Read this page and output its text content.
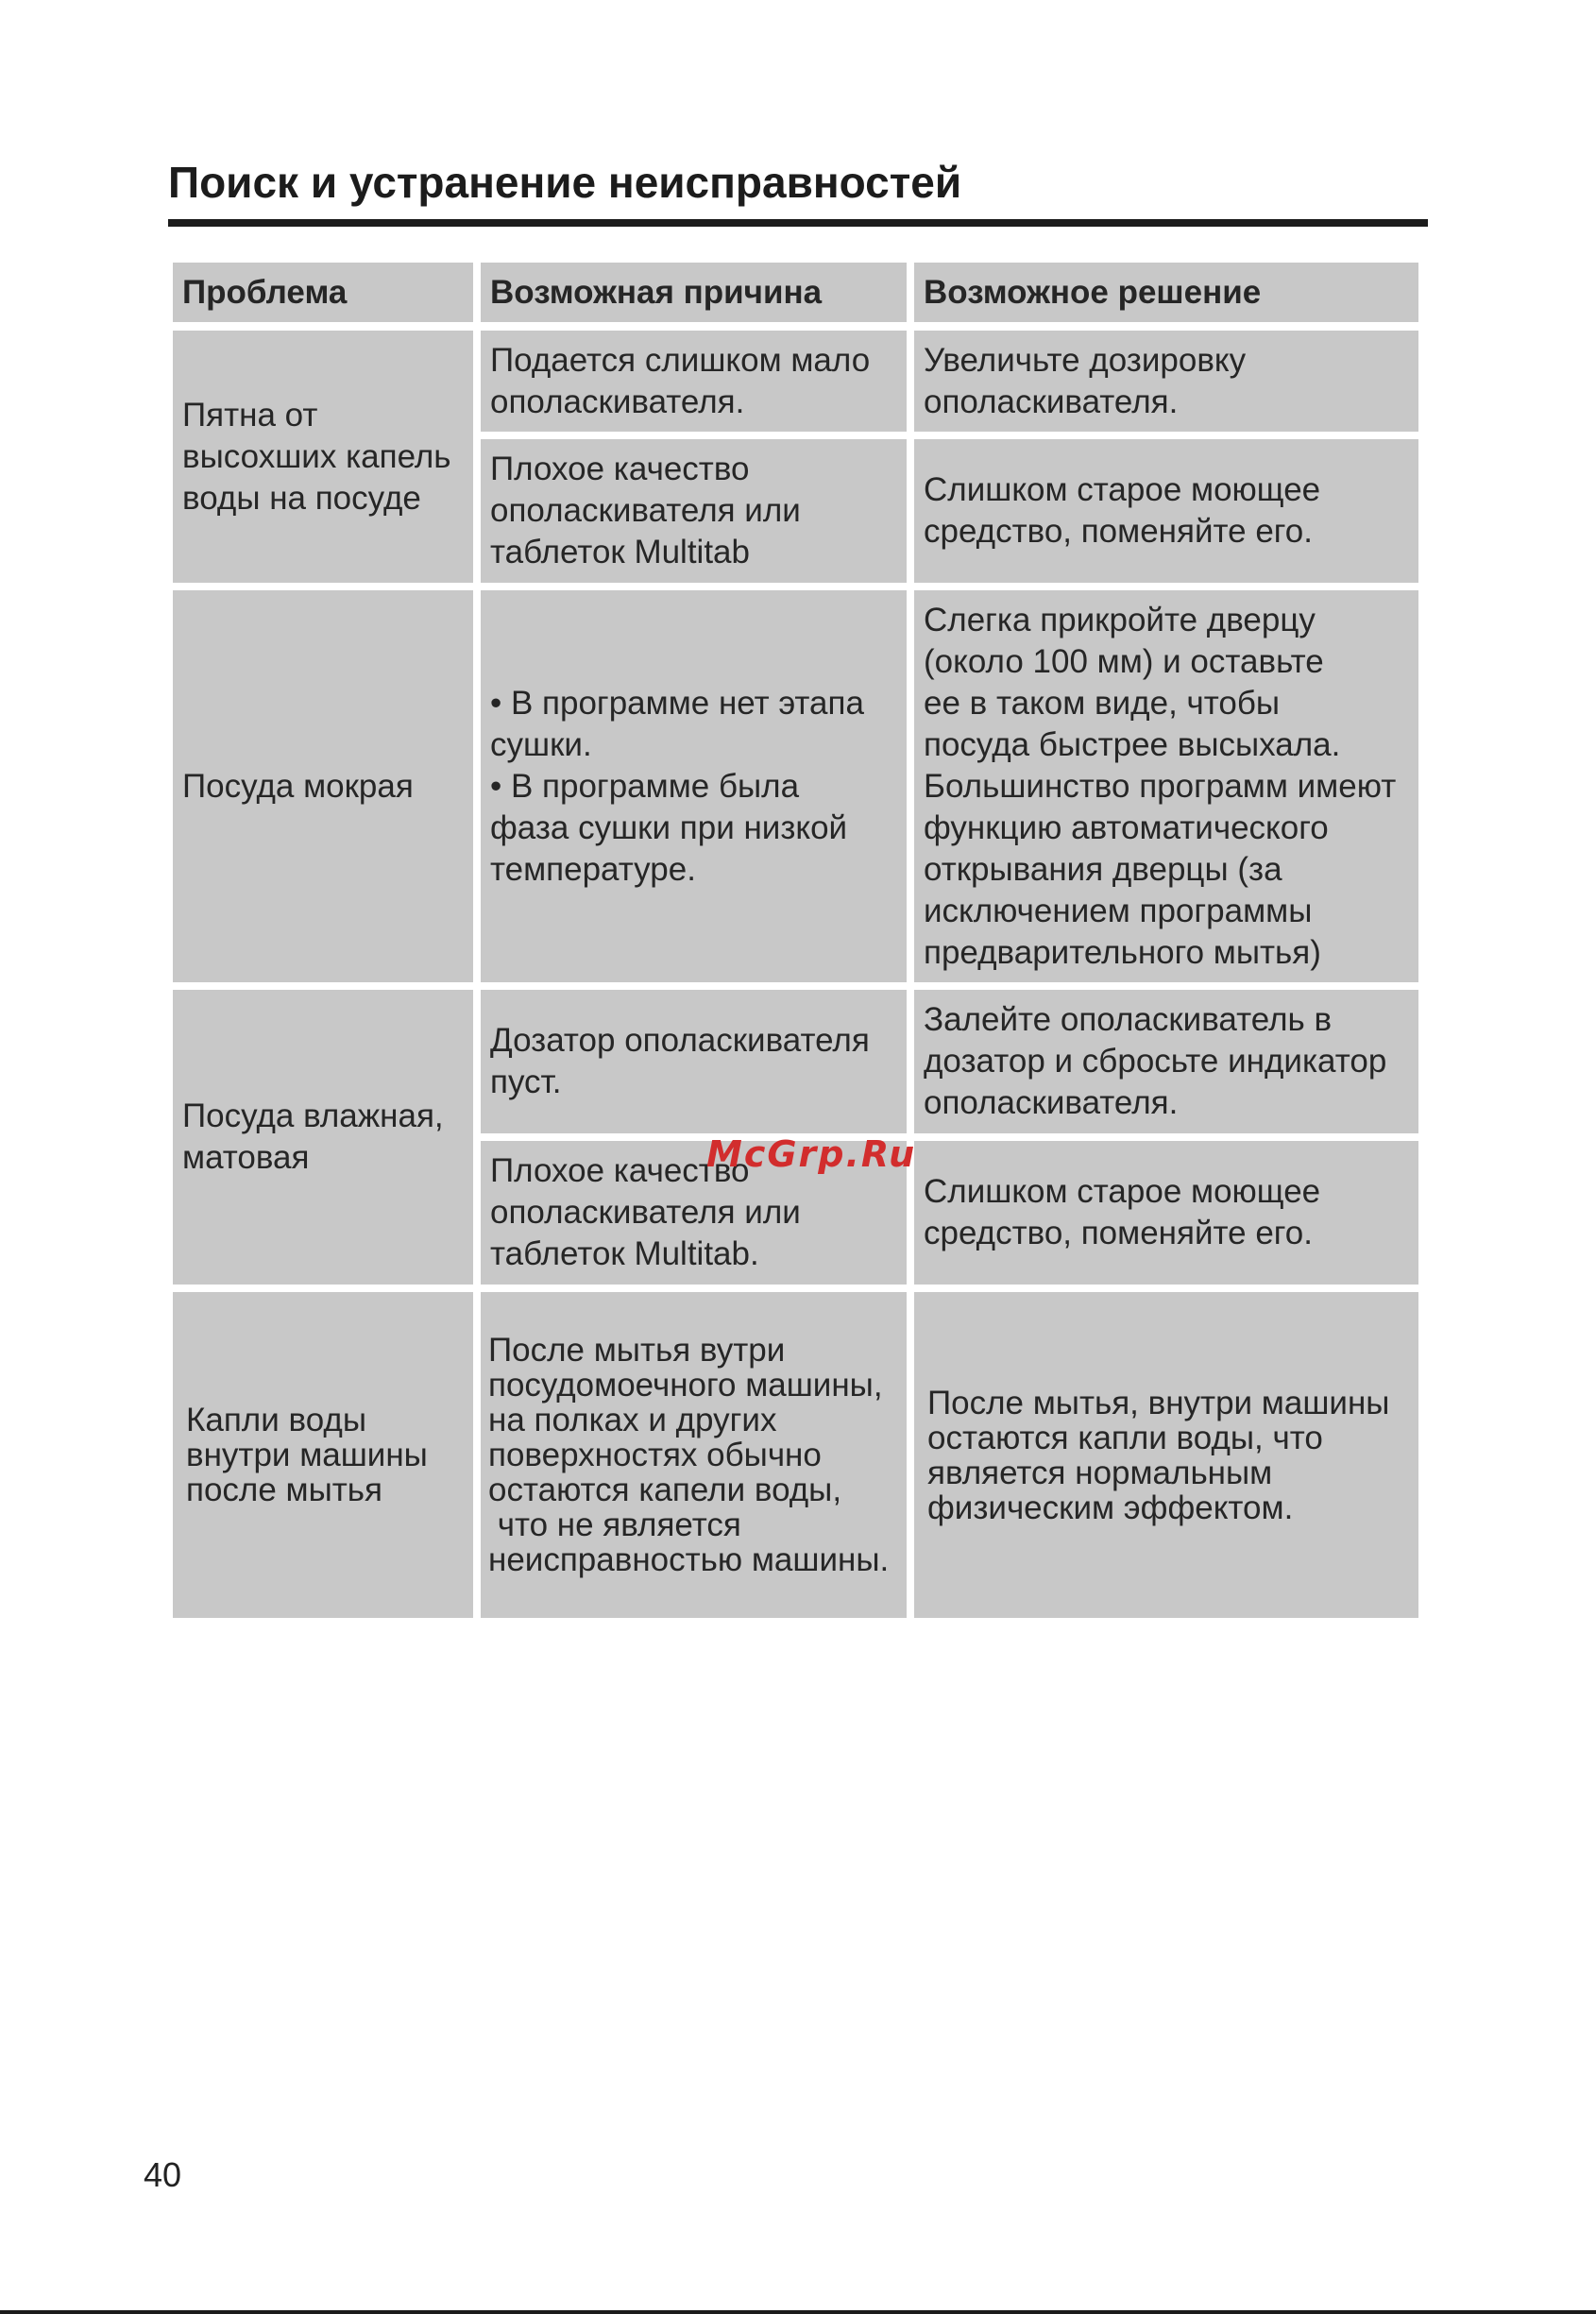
Поиск и устранение неисправностей
Проблема	Возможная причина	Возможное решение
Пятна от
высохших капель
воды на посуде
Подается слишком мало
ополаскивателя.
Увеличьте дозировку
ополаскивателя.
Плохое качество
ополаскивателя или
таблеток Multitab
Слишком старое моющее
средство, поменяйте его.
Посуда мокрая
• В программе нет этапа
сушки.
• В программе была
фаза сушки при низкой
температуре.
Слегка прикройте дверцу
(около 100 мм) и оставьте
ее в таком виде, чтобы
посуда быстрее высыхала.
Большинство программ имеют
функцию автоматического
открывания дверцы (за
исключением программы
предварительного мытья)
Посуда влажная,
матовая
Дозатор ополаскивателя
пуст.
Залейте ополаскиватель в
дозатор и сбросьте индикатор
ополаскивателя.
Плохое качество
ополаскивателя или
таблеток Multitab.
Слишком старое моющее
средство, поменяйте его.
Капли воды
внутри машины
после мытья
После мытья вутри
посудомоечного машины,
на полках и других
поверхностях обычно
остаются капели воды,
что не является
неисправностью машины.
После мытья, внутри машины
остаются капли воды, что
является нормальным
физическим эффектом.
McGrp.Ru
40
